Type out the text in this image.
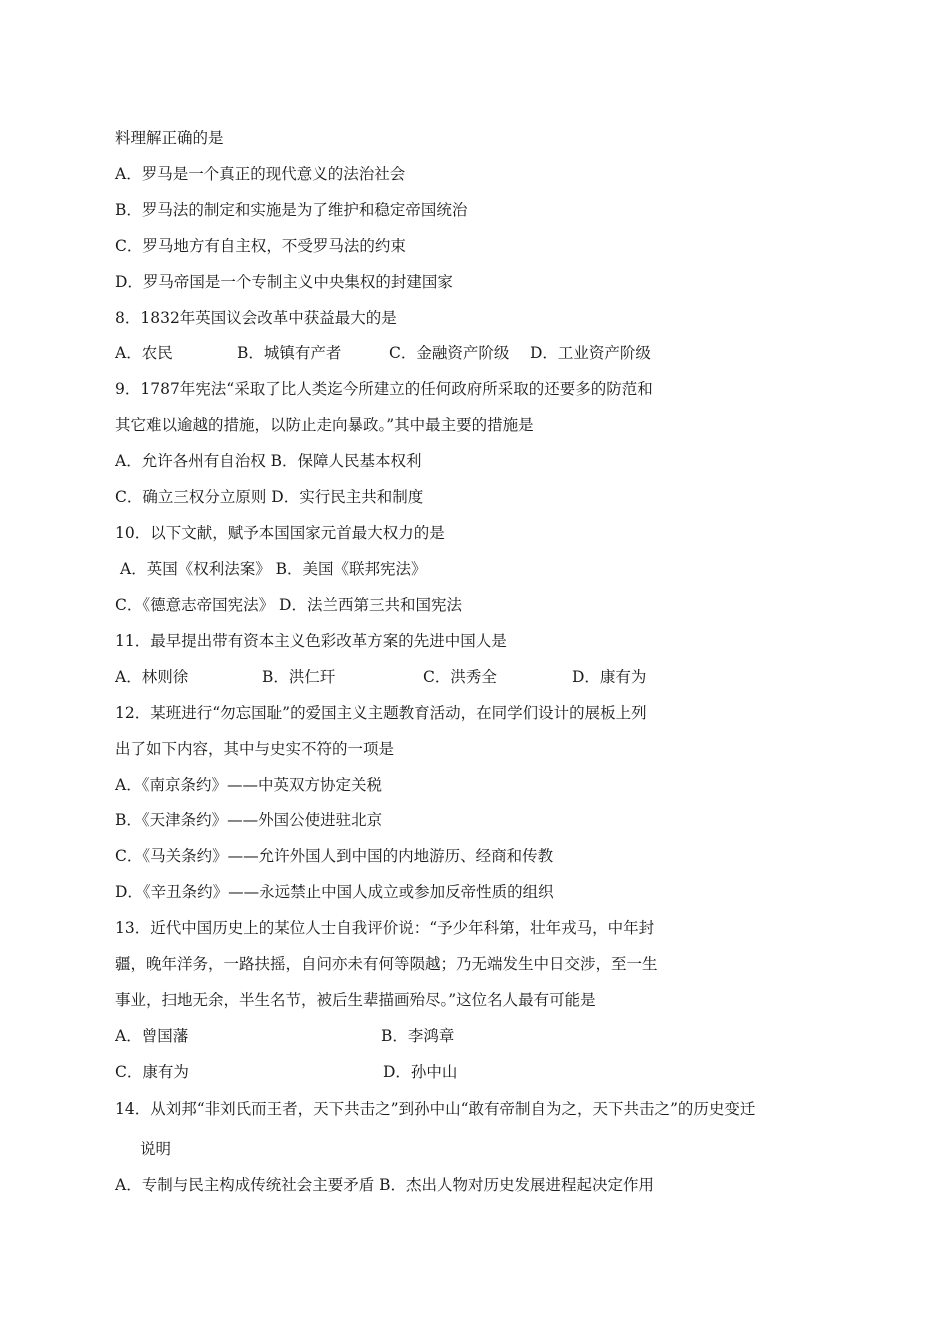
料理解正确的是
A．罗马是一个真正的现代意义的法治社会
B．罗马法的制定和实施是为了维护和稳定帝国统治
C．罗马地方有自主权，不受罗马法的约束
D．罗马帝国是一个专制主义中央集权的封建国家
8．1832年英国议会改革中获益最大的是
A．农民	B．城镇有产者	C．金融资产阶级 D．工业资产阶级
9．1787年宪法“采取了比人类迄今所建立的任何政府所采取的还要多的防范和
其它难以逾越的措施，以防止走向暴政。”其中最主要的措施是
A．允许各州有自治权 B．保障人民基本权利
C．确立三权分立原则 D．实行民主共和制度
10．以下文献，赋予本国国家元首最大权力的是
A．英国《权利法案》 B．美国《联邦宪法》
C．《德意志帝国宪法》 D．法兰西第三共和国宪法
11．最早提出带有资本主义色彩改革方案的先进中国人是
A．林则徐	B．洪仁玕	C．洪秀全	D．康有为
12．某班进行“勿忘国耻”的爱国主义主题教育活动，在同学们设计的展板上列
出了如下内容，其中与史实不符的一项是
A．《南京条约》——中英双方协定关税
B．《天津条约》——外国公使进驻北京
C．《马关条约》——允许外国人到中国的内地游历、经商和传教
D．《辛丑条约》——永远禁止中国人成立或参加反帝性质的组织
13．近代中国历史上的某位人士自我评价说：“予少年科第，壮年戎马，中年封
疆，晚年洋务，一路扶摇，自问亦未有何等陨越；乃无端发生中日交涉，至一生
事业，扫地无余，半生名节，被后生辈描画殆尽。”这位名人最有可能是
A．曾国藩	B．李鸿章
C．康有为	D．孙中山
14．从刘邦“非刘氏而王者，天下共击之”到孙中山“敢有帝制自为之，天下共击之”的历史变迁
说明
A．专制与民主构成传统社会主要矛盾 B．杰出人物对历史发展进程起决定作用
